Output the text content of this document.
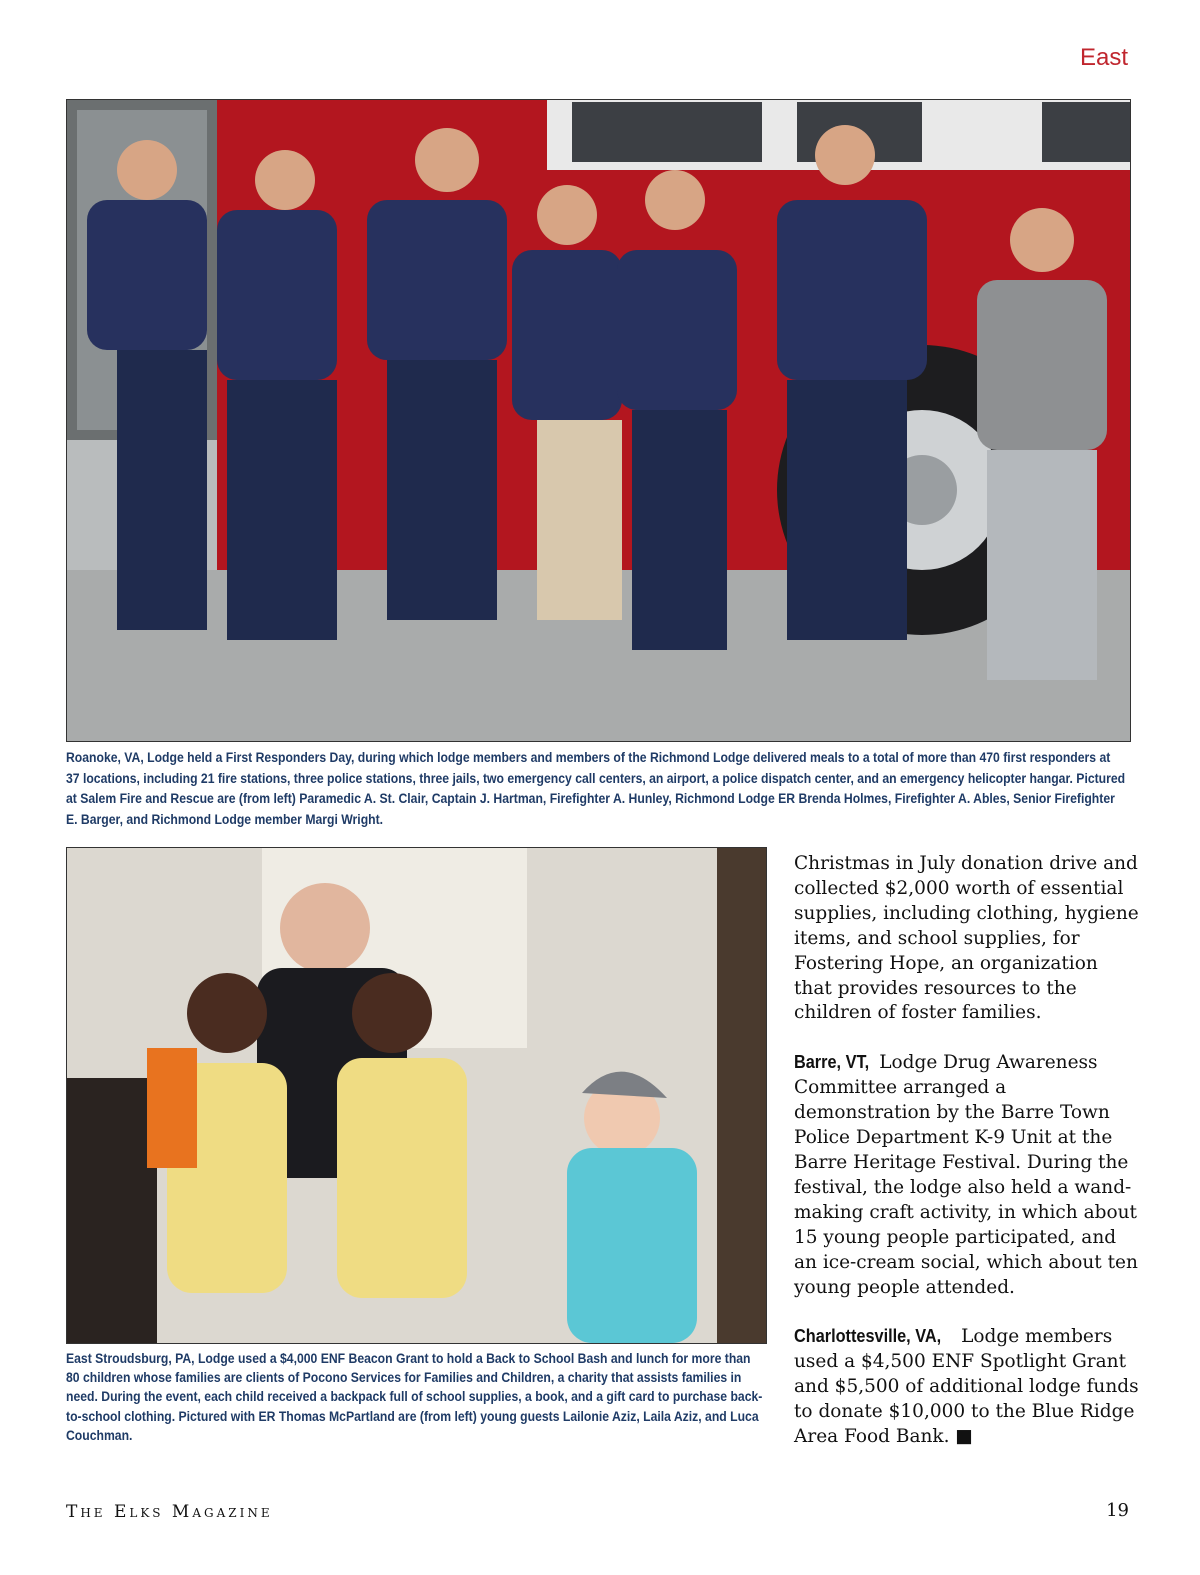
East
Roanoke, VA, Lodge held a First Responders Day, during which lodge members and members of the Richmond Lodge delivered meals to a total of more than 470 first responders at 37 locations, including 21 fire stations, three police stations, three jails, two emergency call centers, an airport, a police dispatch center, and an emergency helicopter hangar. Pictured at Salem Fire and Rescue are (from left) Paramedic A. St. Clair, Captain J. Hartman, Firefighter A. Hunley, Richmond Lodge ER Brenda Holmes, Firefighter A. Ables, Senior Firefighter E. Barger, and Richmond Lodge member Margi Wright.
East Stroudsburg, PA, Lodge used a $4,000 ENF Beacon Grant to hold a Back to School Bash and lunch for more than 80 children whose families are clients of Pocono Services for Families and Children, a charity that assists families in need. During the event, each child received a backpack full of school supplies, a book, and a gift card to purchase back-to-school clothing. Pictured with ER Thomas McPartland are (from left) young guests Lailonie Aziz, Laila Aziz, and Luca Couchman.

Christmas in July donation drive and collected $2,000 worth of essential supplies, including clothing, hygiene items, and school supplies, for Fostering Hope, an organization that provides resources to the children of foster families.

Barre, VT, Lodge Drug Awareness Committee arranged a demonstration by the Barre Town Police Department K-9 Unit at the Barre Heritage Festival. During the festival, the lodge also held a wand-making craft activity, in which about 15 young people participated, and an ice-cream social, which about ten young people attended.

Charlottesville, VA, Lodge members used a $4,500 ENF Spotlight Grant and $5,500 of additional lodge funds to donate $10,000 to the Blue Ridge Area Food Bank. ■

The Elks Magazine	19
